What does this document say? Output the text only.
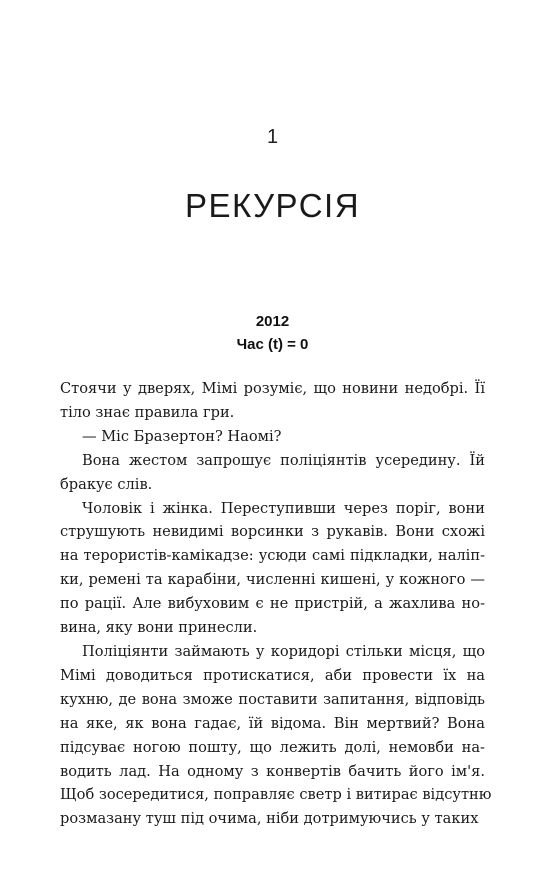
1
РЕКУРСІЯ
2012
Час (t) = 0

Стоячи у дверях, Мімі розуміє, що новини недобрі. Її
тіло знає правила гри.

— Міс Бразертон? Наомі?

Вона жестом запрошує поліціянтів усередину. Їй
бракує слів.

Чоловік і жінка. Переступивши через поріг, вони
струшують невидимі ворсинки з рукавів. Вони схожі
на терористів-камікадзе: усюди самі підкладки, наліп-
ки, ремені та карабіни, численні кишені, у кожного —
по рації. Але вибуховим є не пристрій, а жахлива но-
вина, яку вони принесли.

Поліціянти займають у коридорі стільки місця, що
Мімі доводиться протискатися, аби провести їх на
кухню, де вона зможе поставити запитання, відповідь
на яке, як вона гадає, їй відома. Він мертвий? Вона
підсуває ногою пошту, що лежить долі, немовби на-
водить лад. На одному з конвертів бачить його ім'я.
Щоб зосередитися, поправляє светр і витирає відсутню
розмазану туш під очима, ніби дотримуючись у таких
